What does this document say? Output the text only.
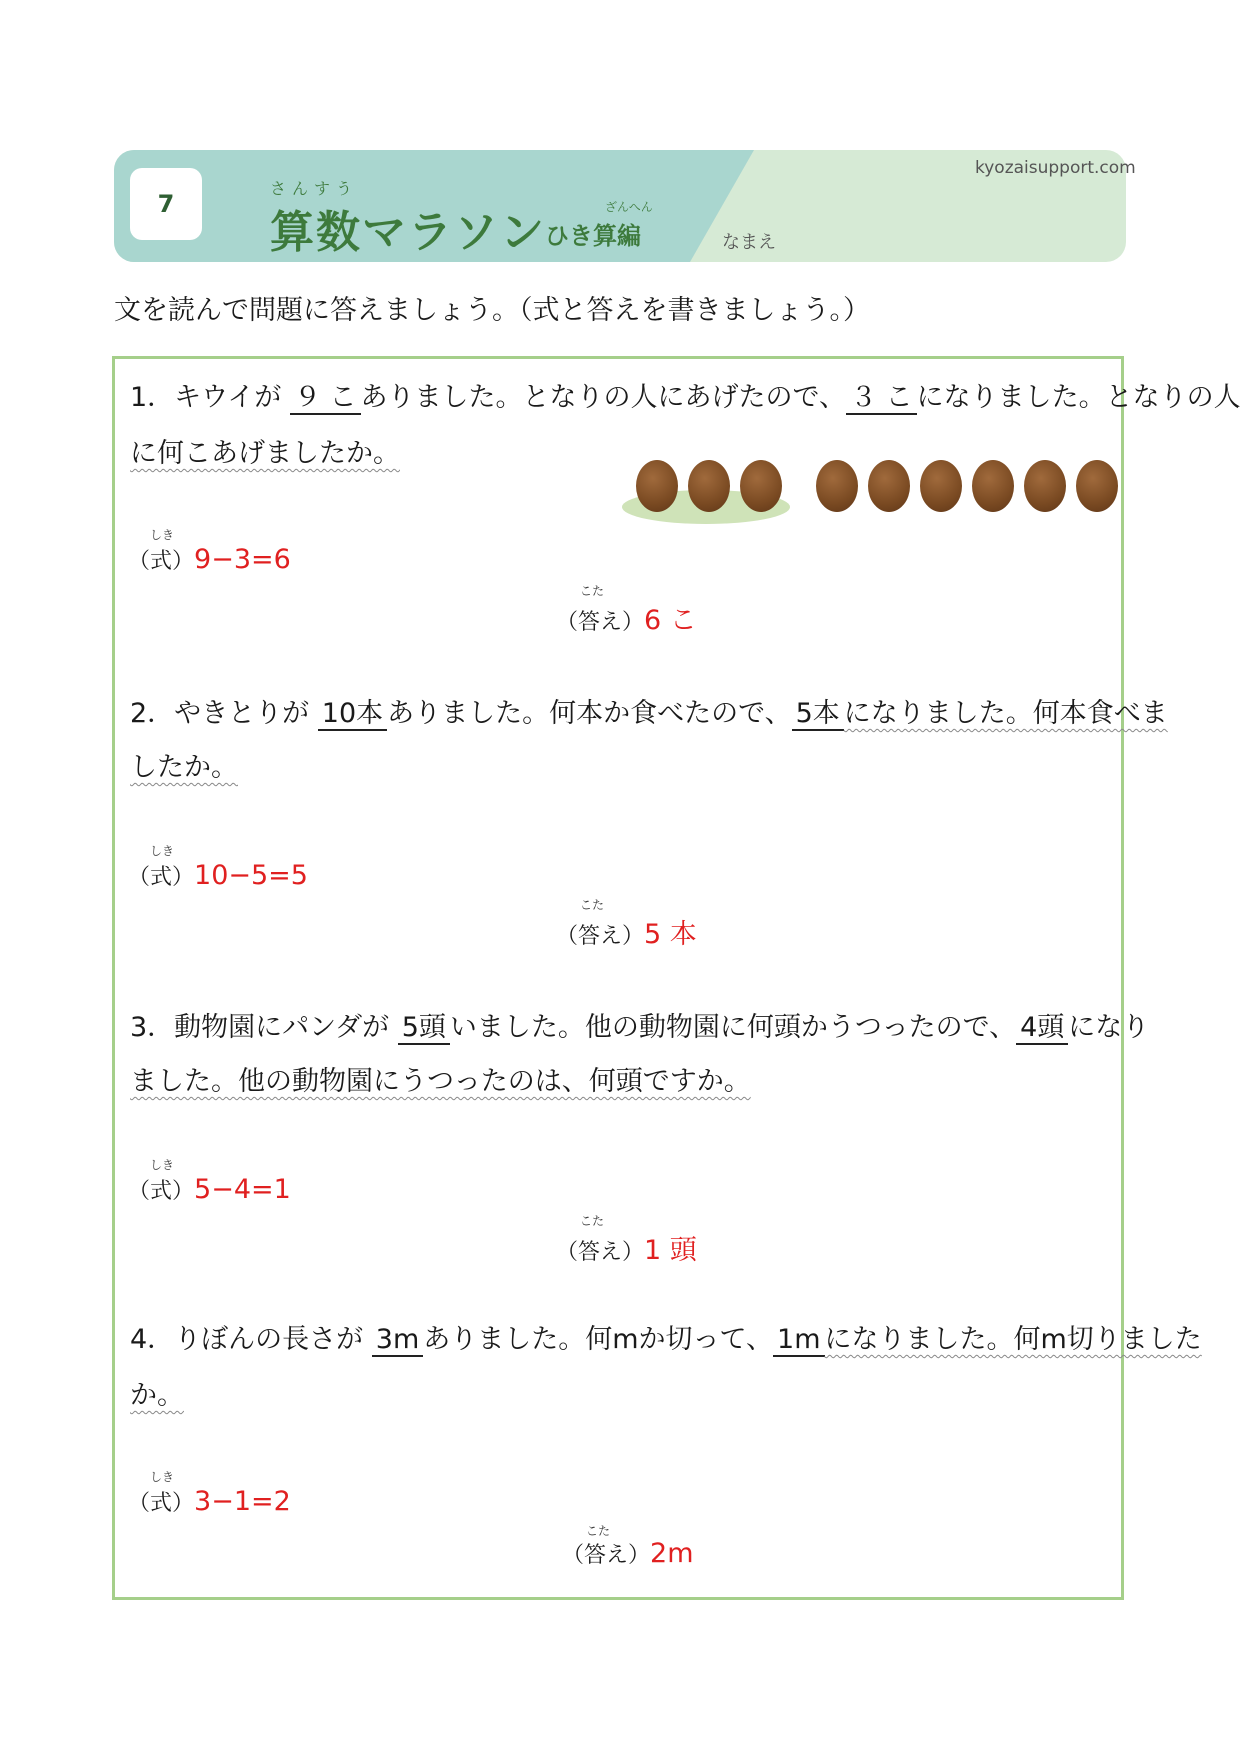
7
さんすう
算数マラソン	ざんへん
ひき算編
kyozaisupport.com
なまえ
文を読んで問題に答えましょう。（式と答えを書きましょう。）
1．キウイが ９ こ ありました。となりの人にあげたので、 ３ こ になりました。となりの人
に何こあげましたか。
しき
（式）9−3=6
こた
（答え）6 こ
2．やきとりが 10本 ありました。何本か食べたので、 5本 になりました。何本食べま
したか。
しき
（式）10−5=5
こた
（答え）5 本
3．動物園にパンダが 5頭 いました。他の動物園に何頭かうつったので、 4頭 になり
ました。他の動物園にうつったのは、何頭ですか。
しき
（式）5−4=1
こた
（答え）1 頭
4．りぼんの長さが 3m ありました。何mか切って、 1m になりました。何m切りました
か。
しき
（式）3−1=2
こた
（答え）2m
